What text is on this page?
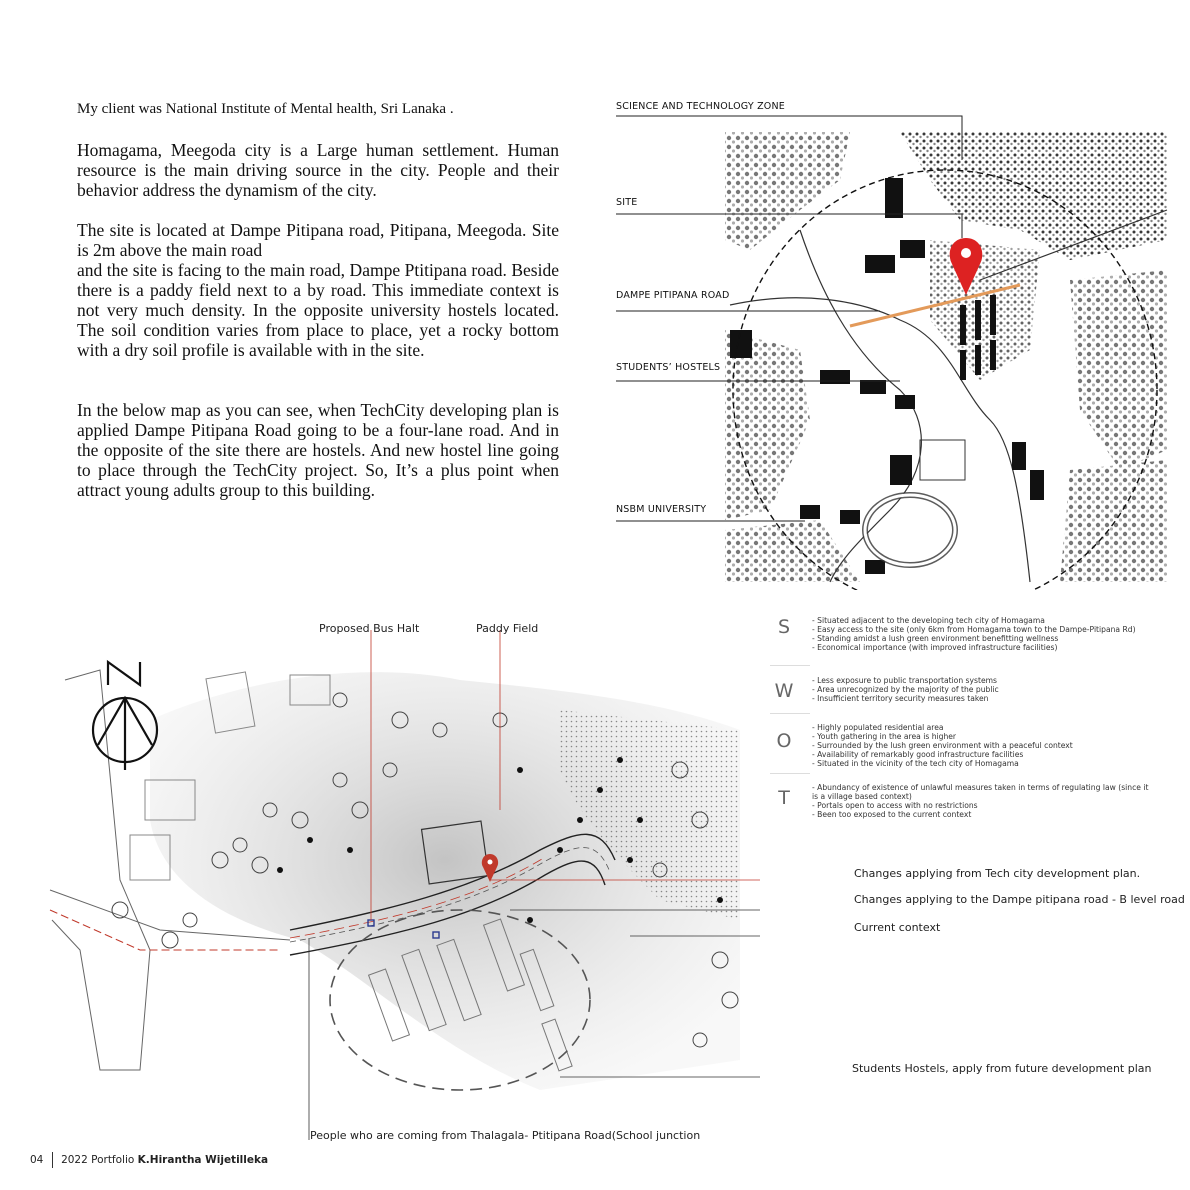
My client was National Institute of Mental health, Sri Lanaka .
Homagama, Meegoda city is a Large human settlement. Human resource is the main driving source in the city. People and their behavior address the dynamism of the city.
The site is located at Dampe Pitipana road, Pitipana, Meegoda. Site is 2m above the main road
and the site is facing to the main road, Dampe Ptitipana road. Beside there is a paddy field next to a by road. This immediate context is not very much density. In the opposite university hostels located. The soil condition varies from place to place, yet a rocky bottom with a dry soil profile is available with in the site.
In the below map as you can see, when TechCity developing plan is applied Dampe Pitipana Road going to be a four-lane road. And in the opposite of the site there are hostels. And new hostel line going to place through the TechCity project. So, It’s a plus point when attract young adults group to this building.
SCIENCE AND TECHNOLOGY ZONE
SITE
DAMPE PITIPANA ROAD
STUDENTS’ HOSTELS
NSBM UNIVERSITY
Proposed Bus Halt	Paddy Field
Changes applying from Tech city development plan.
Changes applying to the Dampe pitipana road - B level road
Current context
Students Hostels, apply from future development plan
People who are coming from Thalagala- Ptitipana Road(School junction
S	- Situated adjacent to the developing tech city of Homagama
- Easy access to the site (only 6km from Homagama town to the Dampe-Pitipana Rd)
- Standing amidst a lush green environment benefitting wellness
- Economical importance (with improved infrastructure facilities)
W - Less exposure to public transportation systems
- Area unrecognized by the majority of the public
- Insufficient territory security measures taken
O
- Highly populated residential area
- Youth gathering in the area is higher
- Surrounded by the lush green environment with a peaceful context
- Availability of remarkably good infrastructure facilities
- Situated in the vicinity of the tech city of Homagama
T	- Abundancy of existence of unlawful measures taken in terms of regulating law (since it
is a village based context)
- Portals open to access with no restrictions
- Been too exposed to the current context
04 2022 Portfolio K.Hirantha Wijetilleka
